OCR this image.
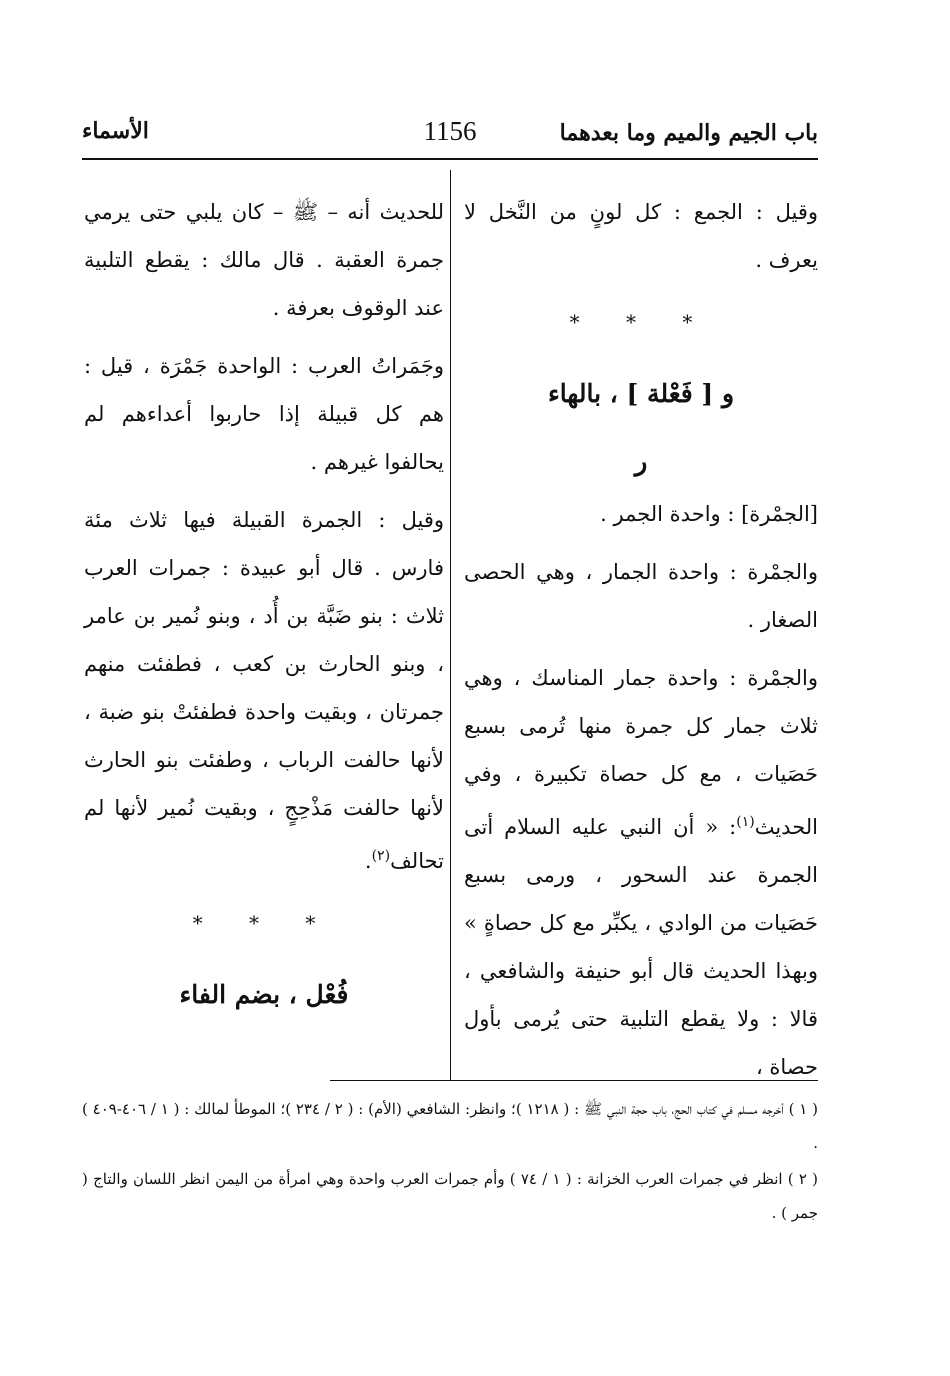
باب الجيم والميم وما بعدهما
1156
الأسماء

وقيل : الجمع : كل لونٍ من النَّخل لا يعرف .

* * *

و [ فَعْلة ] ، بالهاء

ر

[الجمْرة] : واحدة الجمر .

والجمْرة : واحدة الجمار ، وهي الحصى الصغار .

والجمْرة : واحدة جمار المناسك ، وهي ثلاث جمار كل جمرة منها تُرمى بسبع حَصَيات ، مع كل حصاة تكبيرة ، وفي الحديث$^{(١)}$: « أن النبي عليه السلام أتى الجمرة عند السحور ، ورمى بسبع حَصَيات من الوادي ، يكبِّر مع كل حصاةٍ » وبهذا الحديث قال أبو حنيفة والشافعي ، قالا : ولا يقطع التلبية حتى يُرمى بأول حصاة ،

للحديث أنه – ﷺ – كان يلبي حتى يرمي جمرة العقبة . قال مالك : يقطع التلبية عند الوقوف بعرفة .

وجَمَراتُ العرب : الواحدة جَمْرَة ، قيل : هم كل قبيلة إذا حاربوا أعداءهم لم يحالفوا غيرهم .

وقيل : الجمرة القبيلة فيها ثلاث مئة فارس . قال أبو عبيدة : جمرات العرب ثلاث : بنو ضَبَّة بن أُد ، وبنو نُمير بن عامر ، وبنو الحارث بن كعب ، فطفئت منهم جمرتان ، وبقيت واحدة فطفئتْ بنو ضبة ، لأنها حالفت الرباب ، وطفئت بنو الحارث لأنها حالفت مَذْحِجٍ ، وبقيت نُمير لأنها لم تحالف$^{(٢)}$.

* * *

فُعْل ، بضم الفاء

( ١ ) أخرجه مسلم في كتاب الحج، باب حجة النبي ﷺ : ( ١٢١٨ )؛ وانظر: الشافعي (الأم) : ( ٢ / ٢٣٤ )؛ الموطأ لمالك : ( ١ / ٤٠٦-٤٠٩ ) .

( ٢ ) انظر في جمرات العرب الخزانة : ( ١ / ٧٤ ) وأم جمرات العرب واحدة وهي امرأة من اليمن انظر اللسان والتاج ( جمر ) .
